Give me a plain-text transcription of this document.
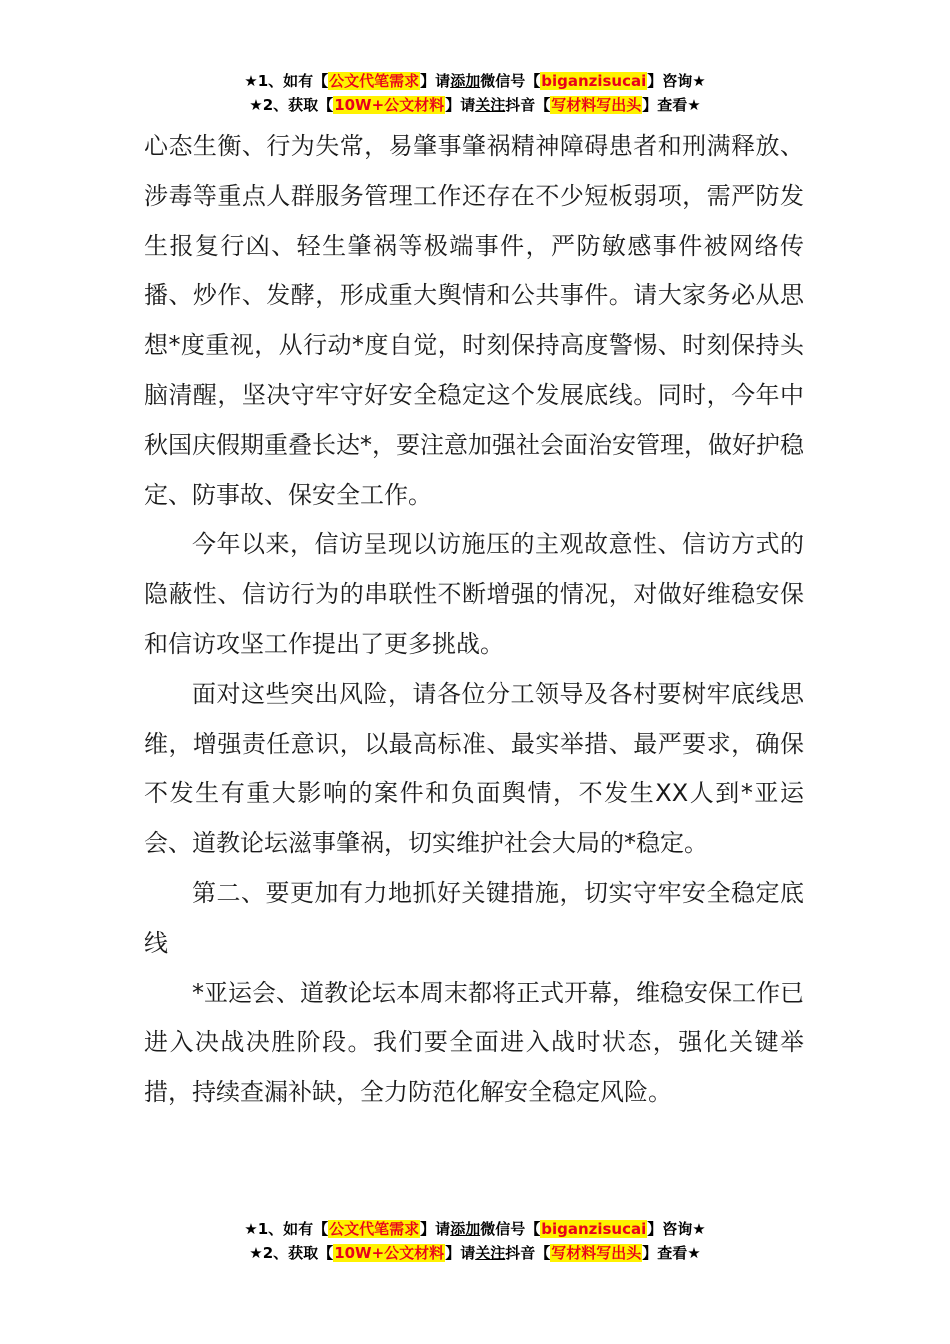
★1、如有【公文代笔需求】请添加微信号【biganzisucai】咨询★
★2、获取【10W+公文材料】请关注抖音【写材料写出头】查看★

心态生衡、行为失常，易肇事肇祸精神障碍患者和刑满释放、涉毒等重点人群服务管理工作还存在不少短板弱项，需严防发生报复行凶、轻生肇祸等极端事件，严防敏感事件被网络传播、炒作、发酵，形成重大舆情和公共事件。请大家务必从思想*度重视，从行动*度自觉，时刻保持高度警惕、时刻保持头脑清醒，坚决守牢守好安全稳定这个发展底线。同时，今年中秋国庆假期重叠长达*，要注意加强社会面治安管理，做好护稳定、防事故、保安全工作。

今年以来，信访呈现以访施压的主观故意性、信访方式的隐蔽性、信访行为的串联性不断增强的情况，对做好维稳安保和信访攻坚工作提出了更多挑战。

面对这些突出风险，请各位分工领导及各村要树牢底线思维，增强责任意识，以最高标准、最实举措、最严要求，确保不发生有重大影响的案件和负面舆情，不发生XX人到*亚运会、道教论坛滋事肇祸，切实维护社会大局的*稳定。

第二、要更加有力地抓好关键措施，切实守牢安全稳定底线

*亚运会、道教论坛本周末都将正式开幕，维稳安保工作已进入决战决胜阶段。我们要全面进入战时状态，强化关键举措，持续查漏补缺，全力防范化解安全稳定风险。

★1、如有【公文代笔需求】请添加微信号【biganzisucai】咨询★
★2、获取【10W+公文材料】请关注抖音【写材料写出头】查看★
